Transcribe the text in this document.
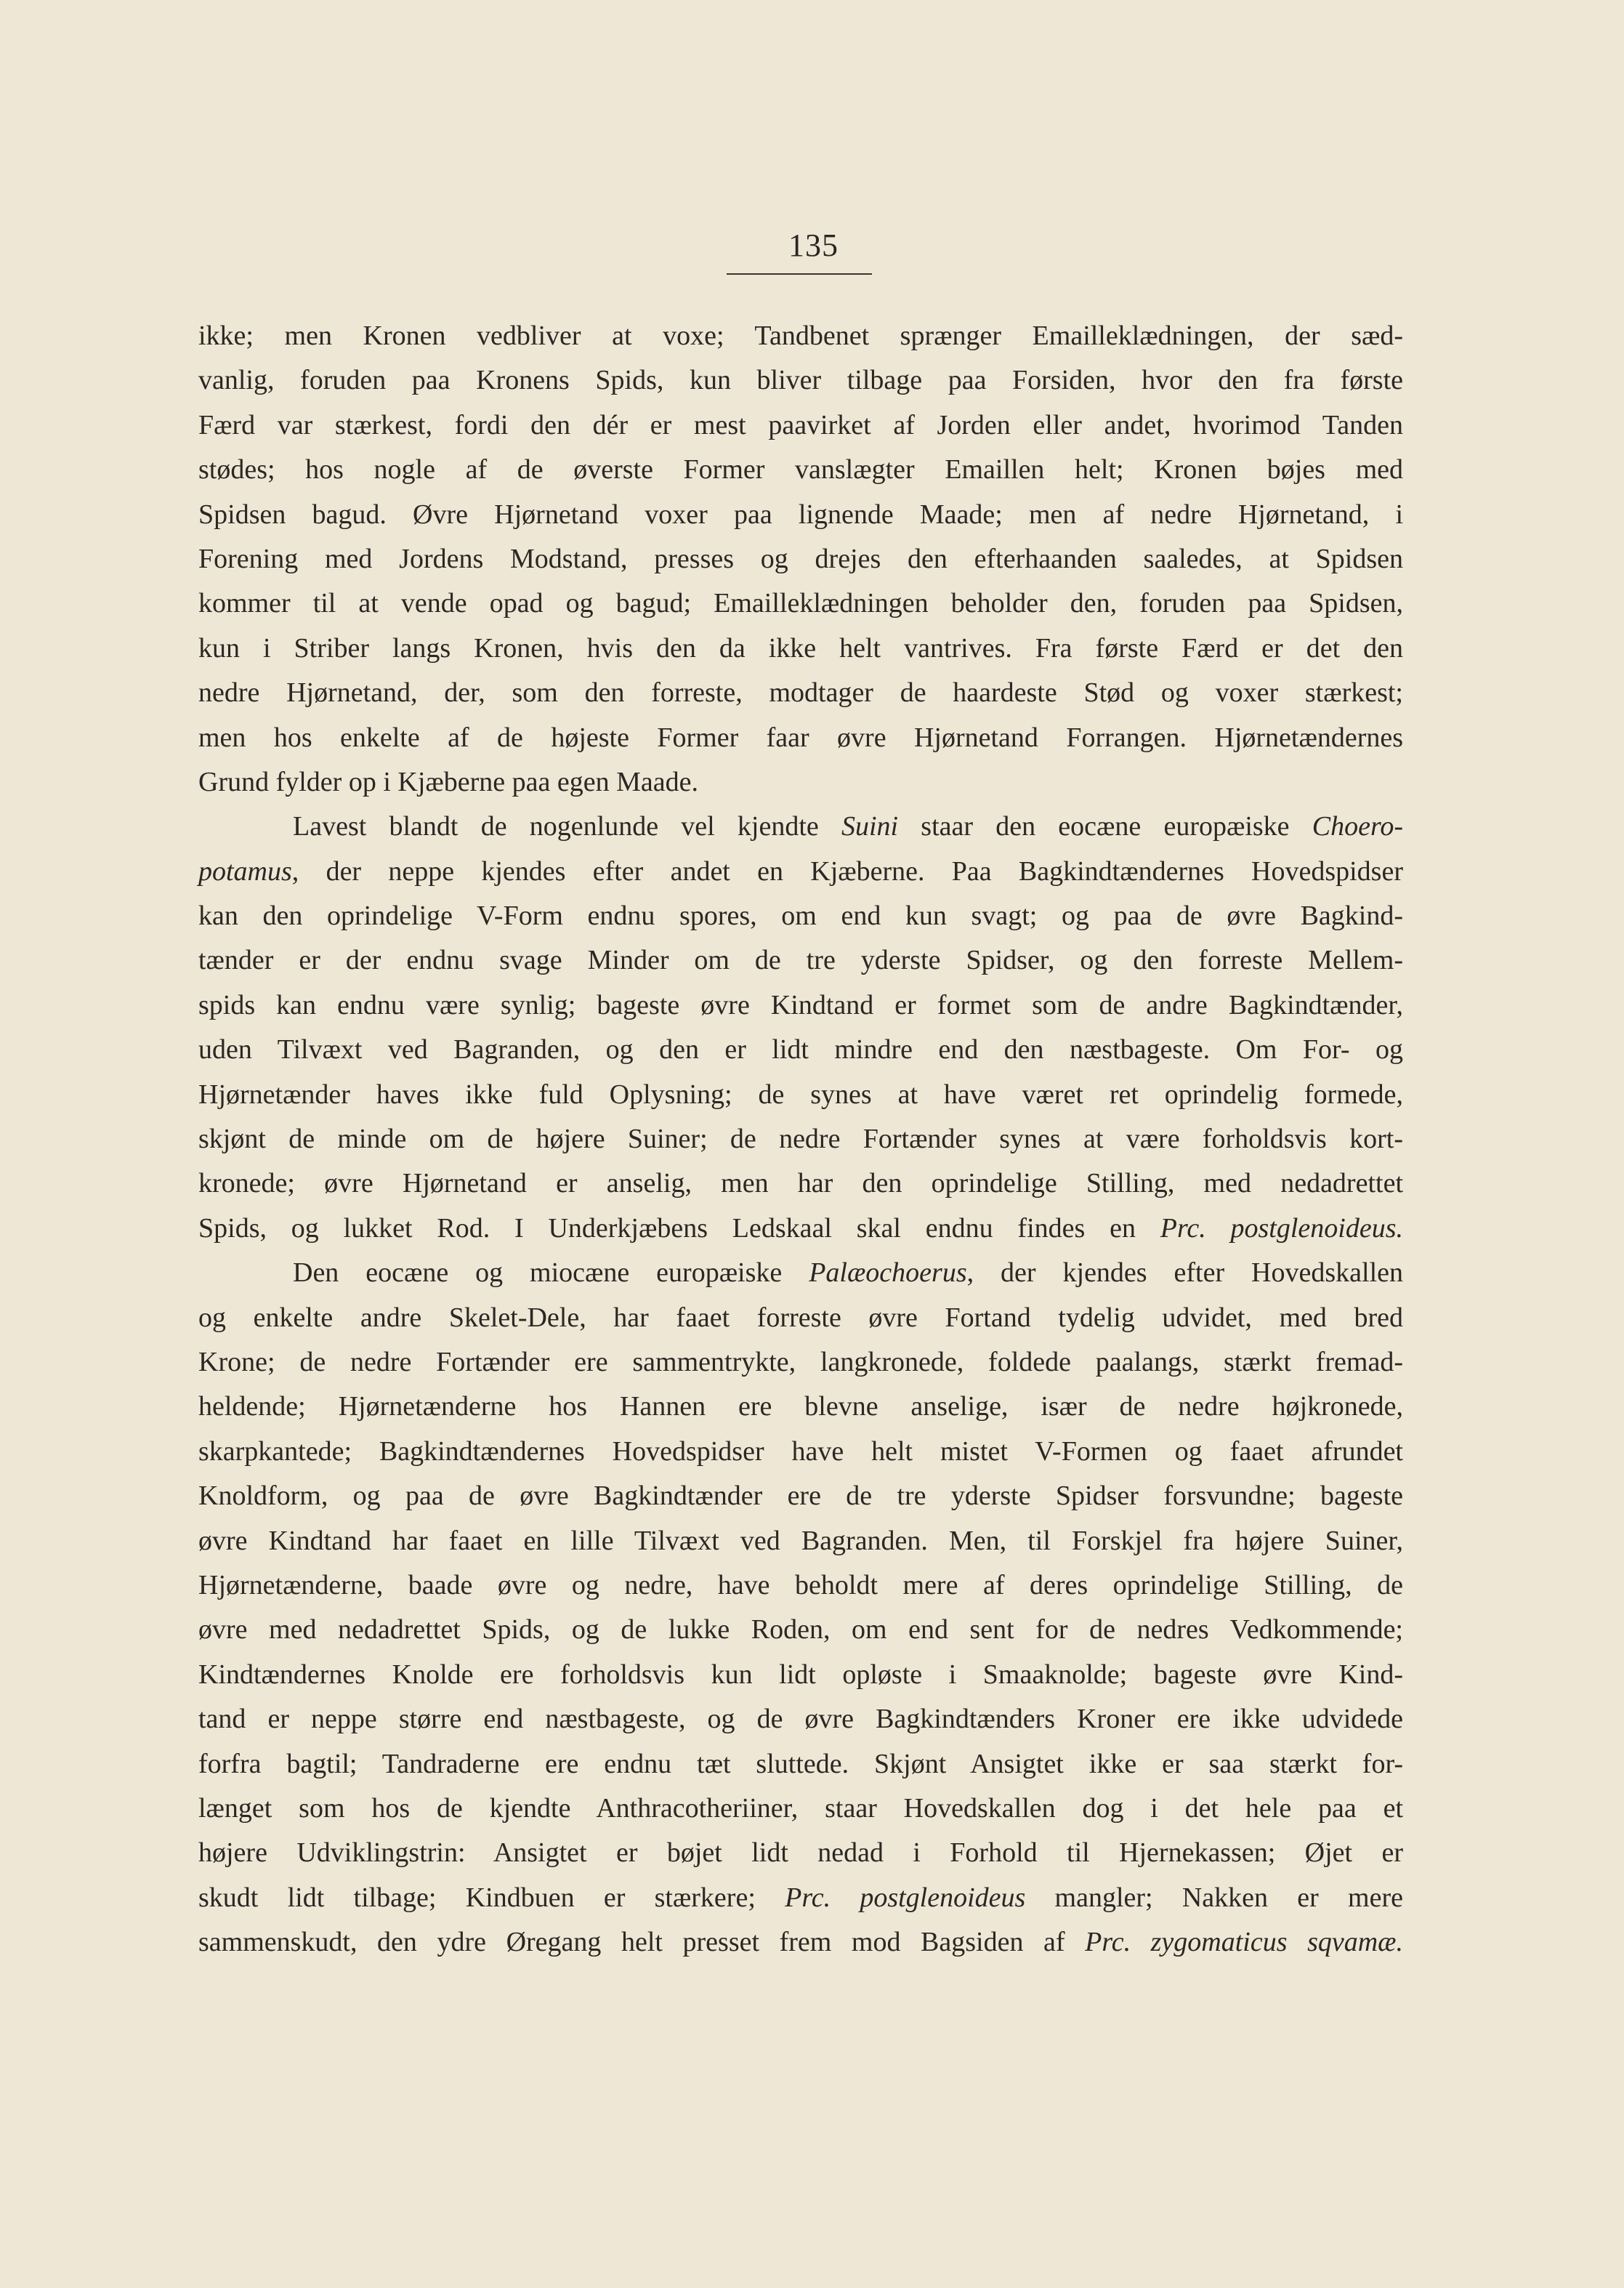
135
ikke; men Kronen vedbliver at voxe; Tandbenet sprænger Emailleklædningen, der sæd-
vanlig, foruden paa Kronens Spids, kun bliver tilbage paa Forsiden, hvor den fra første
Færd var stærkest, fordi den dér er mest paavirket af Jorden eller andet, hvorimod Tanden
stødes; hos nogle af de øverste Former vanslægter Emaillen helt; Kronen bøjes med
Spidsen bagud. Øvre Hjørnetand voxer paa lignende Maade; men af nedre Hjørnetand, i
Forening med Jordens Modstand, presses og drejes den efterhaanden saaledes, at Spidsen
kommer til at vende opad og bagud; Emailleklædningen beholder den, foruden paa Spidsen,
kun i Striber langs Kronen, hvis den da ikke helt vantrives. Fra første Færd er det den
nedre Hjørnetand, der, som den forreste, modtager de haardeste Stød og voxer stærkest;
men hos enkelte af de højeste Former faar øvre Hjørnetand Forrangen. Hjørnetændernes
Grund fylder op i Kjæberne paa egen Maade.
Lavest blandt de nogenlunde vel kjendte Suini staar den eocæne europæiske Choero-
potamus, der neppe kjendes efter andet en Kjæberne. Paa Bagkindtændernes Hovedspidser
kan den oprindelige V-Form endnu spores, om end kun svagt; og paa de øvre Bagkind-
tænder er der endnu svage Minder om de tre yderste Spidser, og den forreste Mellem-
spids kan endnu være synlig; bageste øvre Kindtand er formet som de andre Bagkindtænder,
uden Tilvæxt ved Bagranden, og den er lidt mindre end den næstbageste. Om For- og
Hjørnetænder haves ikke fuld Oplysning; de synes at have været ret oprindelig formede,
skjønt de minde om de højere Suiner; de nedre Fortænder synes at være forholdsvis kort-
kronede; øvre Hjørnetand er anselig, men har den oprindelige Stilling, med nedadrettet
Spids, og lukket Rod. I Underkjæbens Ledskaal skal endnu findes en Prc. postglenoideus.
Den eocæne og miocæne europæiske Palæochoerus, der kjendes efter Hovedskallen
og enkelte andre Skelet-Dele, har faaet forreste øvre Fortand tydelig udvidet, med bred
Krone; de nedre Fortænder ere sammentrykte, langkronede, foldede paalangs, stærkt fremad-
heldende; Hjørnetænderne hos Hannen ere blevne anselige, især de nedre højkronede,
skarpkantede; Bagkindtændernes Hovedspidser have helt mistet V-Formen og faaet afrundet
Knoldform, og paa de øvre Bagkindtænder ere de tre yderste Spidser forsvundne; bageste
øvre Kindtand har faaet en lille Tilvæxt ved Bagranden. Men, til Forskjel fra højere Suiner,
Hjørnetænderne, baade øvre og nedre, have beholdt mere af deres oprindelige Stilling, de
øvre med nedadrettet Spids, og de lukke Roden, om end sent for de nedres Vedkommende;
Kindtændernes Knolde ere forholdsvis kun lidt opløste i Smaaknolde; bageste øvre Kind-
tand er neppe større end næstbageste, og de øvre Bagkindtænders Kroner ere ikke udvidede
forfra bagtil; Tandraderne ere endnu tæt sluttede. Skjønt Ansigtet ikke er saa stærkt for-
længet som hos de kjendte Anthracotheriiner, staar Hovedskallen dog i det hele paa et
højere Udviklingstrin: Ansigtet er bøjet lidt nedad i Forhold til Hjernekassen; Øjet er
skudt lidt tilbage; Kindbuen er stærkere; Prc. postglenoideus mangler; Nakken er mere
sammenskudt, den ydre Øregang helt presset frem mod Bagsiden af Prc. zygomaticus sqvamæ.
